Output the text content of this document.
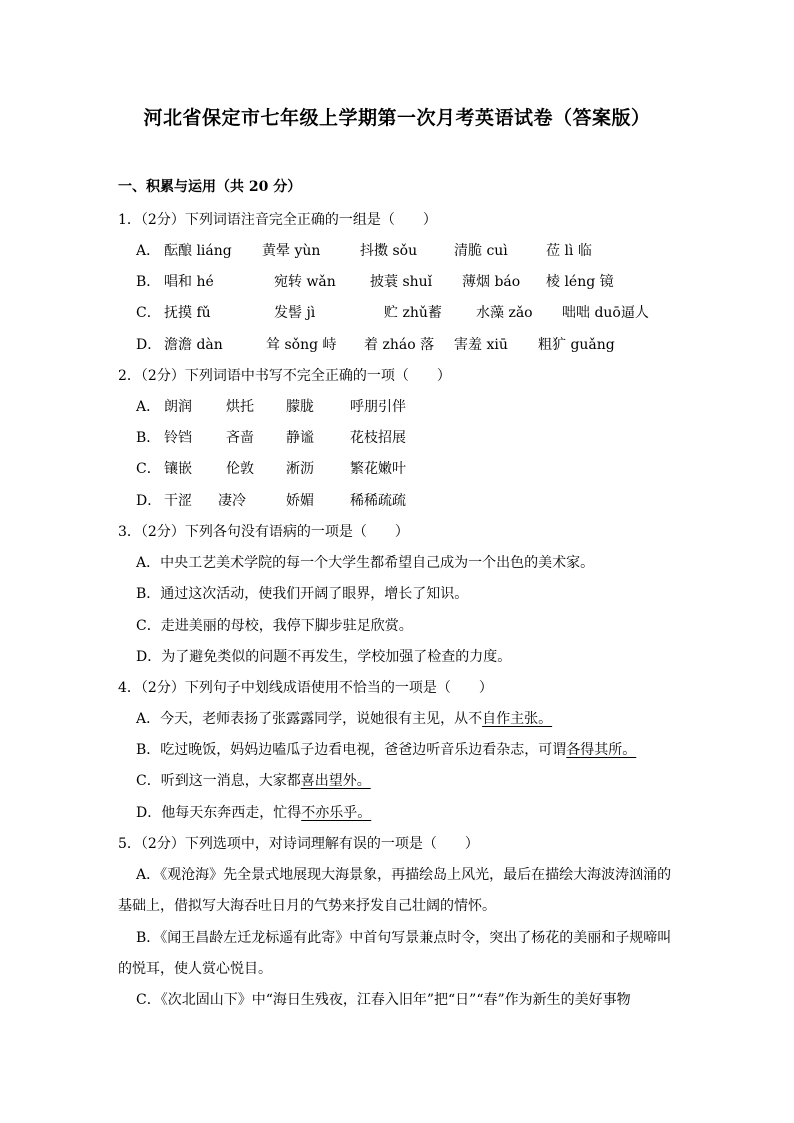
河北省保定市七年级上学期第一次月考英语试卷（答案版）
一、积累与运用（共 20 分）
1．（2分）下列词语注音完全正确的一组是（　　）
A． 酝酿 liáng 黄晕 yùn	抖擞 sǒu	清脆 cuì	莅 lì 临
B． 唱和 hé	宛转 wǎn 披蓑 shuǐ 薄烟 báo 棱 léng 镜
C． 抚摸 fǔ	发髻 jì	贮 zhǔ蓄 水藻 zǎo 咄咄 duō逼人
D． 澹澹 dàn	耸 sǒng 峙 着 zháo 落 害羞 xiū 粗犷 guǎng
2．（2分）下列词语中书写不完全正确的一项（　　）
A． 朗润 烘托 朦胧	呼朋引伴
B． 铃铛 吝啬 静谧	花枝招展
C． 镶嵌 伦敦 淅沥	繁花嫩叶
D． 干涩 凄冷	娇媚	稀稀疏疏
3．（2分）下列各句没有语病的一项是（　　）
A．中央工艺美术学院的每一个大学生都希望自己成为一个出色的美术家。
B．通过这次活动，使我们开阔了眼界，增长了知识。
C．走进美丽的母校，我停下脚步驻足欣赏。
D．为了避免类似的问题不再发生，学校加强了检查的力度。
4．（2分）下列句子中划线成语使用不恰当的一项是（　　）
A．今天，老师表扬了张露露同学，说她很有主见，从不自作主张。
B．吃过晚饭，妈妈边嗑瓜子边看电视，爸爸边听音乐边看杂志，可谓各得其所。
C．听到这一消息，大家都喜出望外。
D．他每天东奔西走，忙得不亦乐乎。
5．（2分）下列选项中，对诗词理解有误的一项是（　　）
A．《观沧海》先全景式地展现大海景象，再描绘岛上风光，最后在描绘大海波涛汹涌的
基础上，借拟写大海吞吐日月的气势来抒发自己壮阔的情怀。
B．《闻王昌龄左迁龙标遥有此寄》中首句写景兼点时令，突出了杨花的美丽和子规啼叫
的悦耳，使人赏心悦目。
C．《次北固山下》中“海日生残夜，江春入旧年”把“日”“春”作为新生的美好事物
